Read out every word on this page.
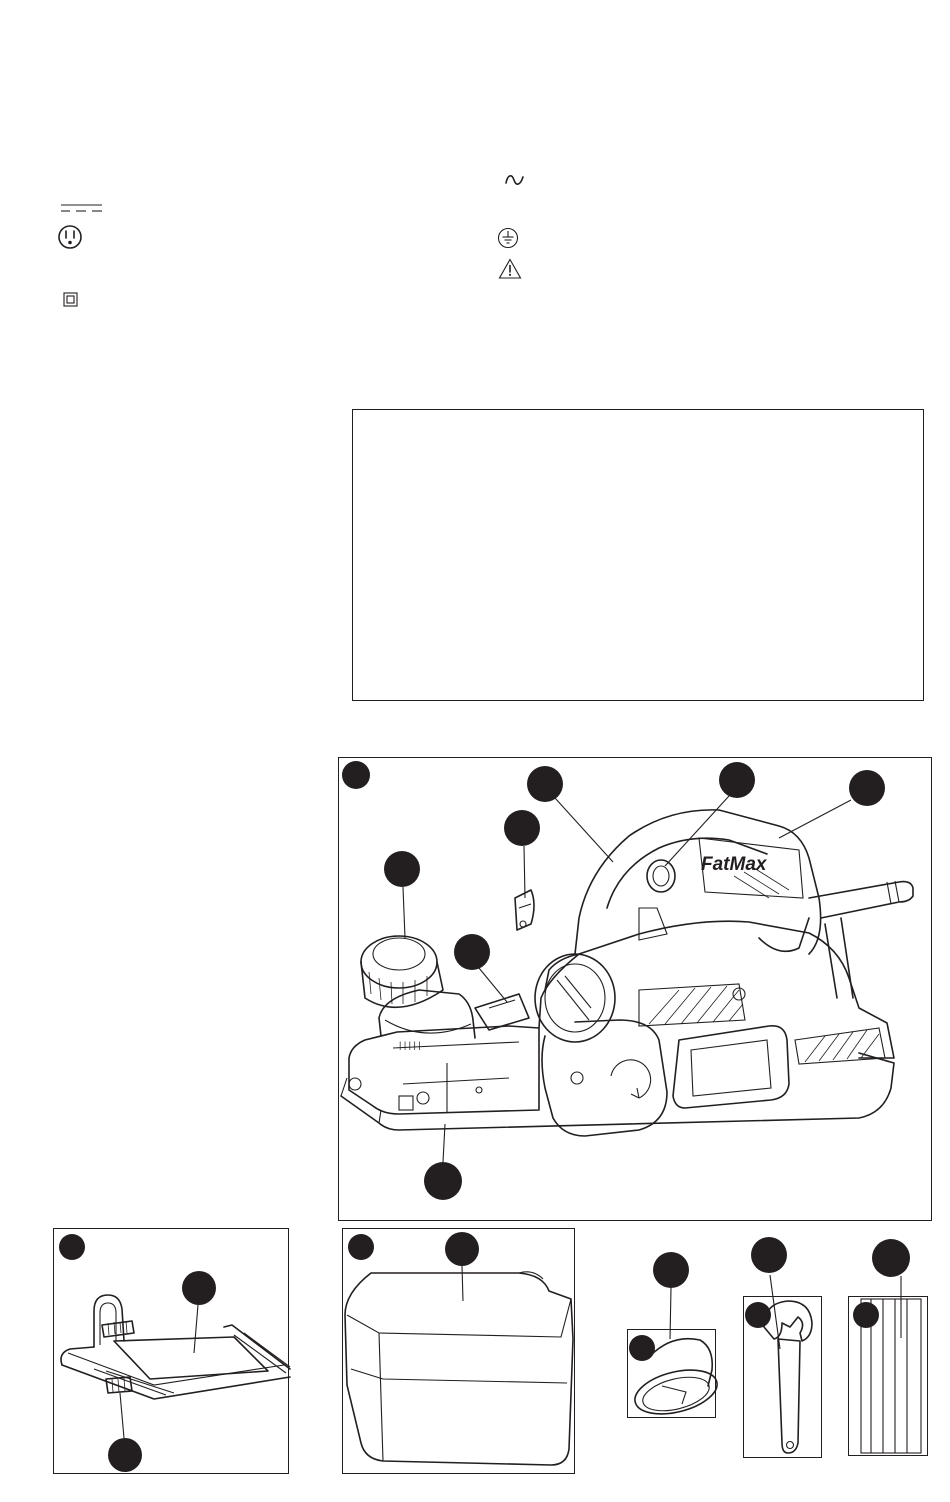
| | | | |
FatMax
